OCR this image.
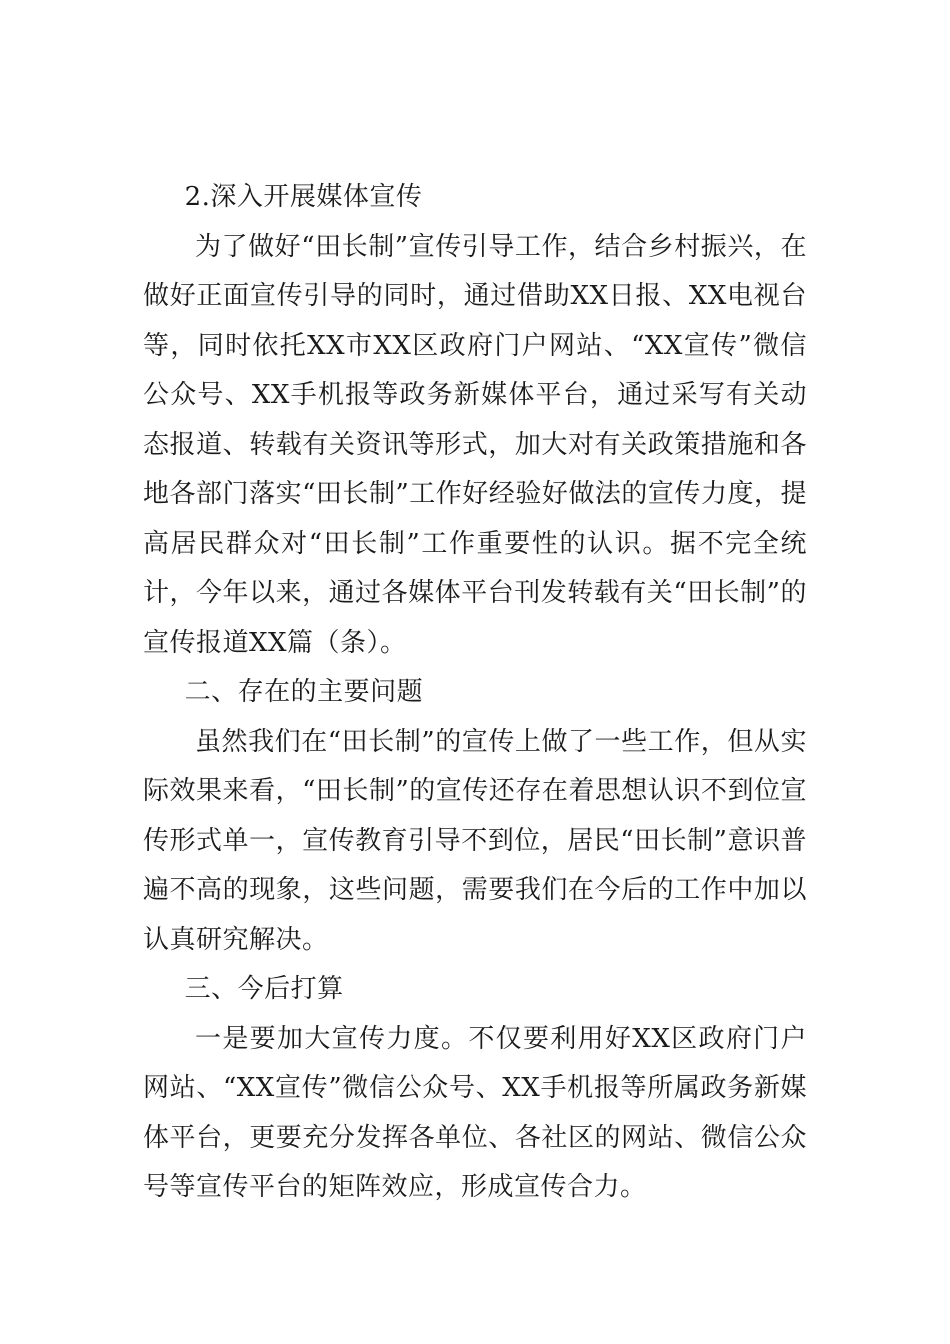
2.深入开展媒体宣传

为了做好“田长制”宣传引导工作，结合乡村振兴，在做好正面宣传引导的同时，通过借助XX日报、XX电视台等，同时依托XX市XX区政府门户网站、“XX宣传”微信公众号、XX手机报等政务新媒体平台，通过采写有关动态报道、转载有关资讯等形式，加大对有关政策措施和各地各部门落实“田长制”工作好经验好做法的宣传力度，提高居民群众对“田长制”工作重要性的认识。据不完全统计，今年以来，通过各媒体平台刊发转载有关“田长制”的宣传报道XX篇（条）。

二、存在的主要问题

虽然我们在“田长制”的宣传上做了一些工作，但从实际效果来看，“田长制”的宣传还存在着思想认识不到位宣传形式单一，宣传教育引导不到位，居民“田长制”意识普遍不高的现象，这些问题，需要我们在今后的工作中加以认真研究解决。

三、今后打算

一是要加大宣传力度。不仅要利用好XX区政府门户网站、“XX宣传”微信公众号、XX手机报等所属政务新媒体平台，更要充分发挥各单位、各社区的网站、微信公众号等宣传平台的矩阵效应，形成宣传合力。
